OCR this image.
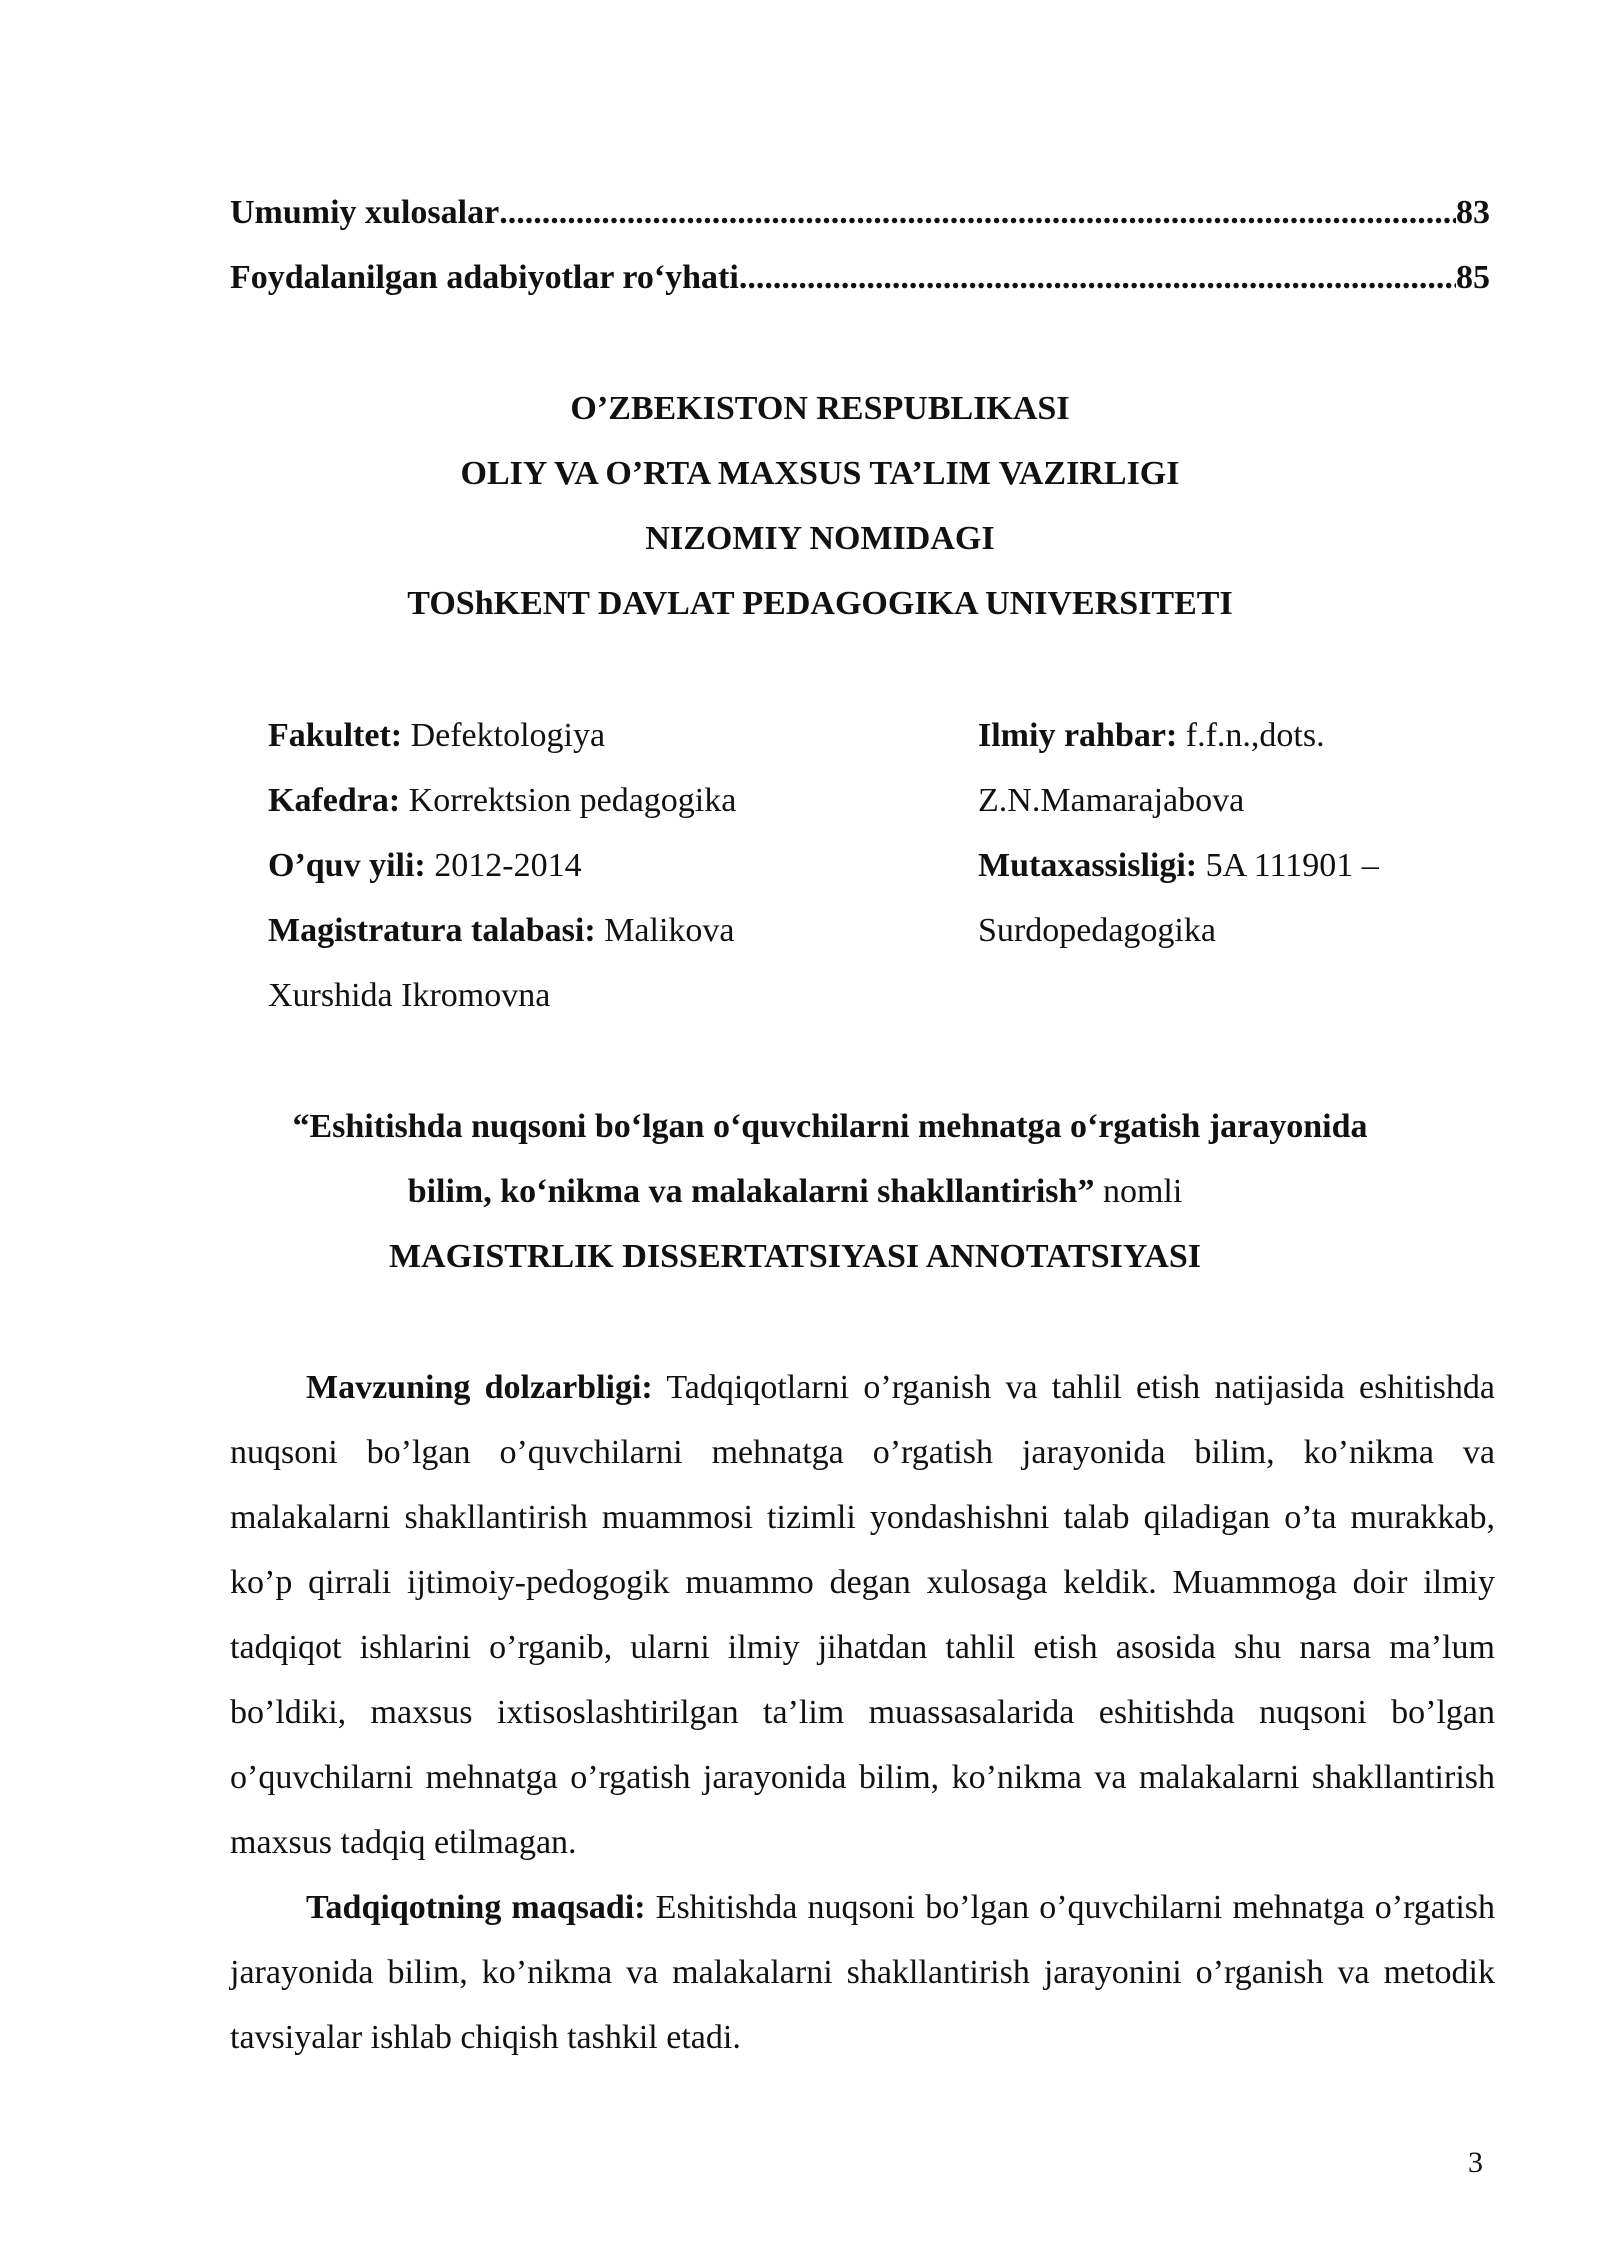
Umumiy xulosalar .....	83
Foydalanilgan adabiyotlar ro‘yhati .....	85
O’ZBEKISTON RESPUBLIKASI
OLIY VA O’RTA MAXSUS TA’LIM VAZIRLIGI
NIZOMIY NOMIDAGI
TOShKENT DAVLAT PEDAGOGIKA UNIVERSITETI
Fakultet: Defektologiya
Kafedra: Korrektsion pedagogika
O’quv yili: 2012-2014
Magistratura talabasi: Malikova
Xurshida Ikromovna
Ilmiy rahbar: f.f.n.,dots.
Z.N.Mamarajabova
Mutaxassisligi: 5A 111901 –
Surdopedagogika
“Eshitishda nuqsoni bo‘lgan o‘quvchilarni mehnatga o‘rgatish jarayonida
bilim, ko‘nikma va malakalarni shakllantirish” nomli
MAGISTRLIK DISSERTATSIYASI ANNOTATSIYASI

Mavzuning dolzarbligi: Tadqiqotlarni o’rganish va tahlil etish natijasida eshitishda nuqsoni bo’lgan o’quvchilarni mehnatga o’rgatish jarayonida bilim, ko’nikma va malakalarni shakllantirish muammosi tizimli yondashishni talab qiladigan o’ta murakkab, ko’p qirrali ijtimoiy-pedogogik muammo degan xulosaga keldik. Muammoga doir ilmiy tadqiqot ishlarini o’rganib, ularni ilmiy jihatdan tahlil etish asosida shu narsa ma’lum bo’ldiki, maxsus ixtisoslashtirilgan ta’lim muassasalarida eshitishda nuqsoni bo’lgan o’quvchilarni mehnatga o’rgatish jarayonida bilim, ko’nikma va malakalarni shakllantirish maxsus tadqiq etilmagan.

Tadqiqotning maqsadi: Eshitishda nuqsoni bo’lgan o’quvchilarni mehnatga o’rgatish jarayonida bilim, ko’nikma va malakalarni shakllantirish jarayonini o’rganish va metodik tavsiyalar ishlab chiqish tashkil etadi.

3
